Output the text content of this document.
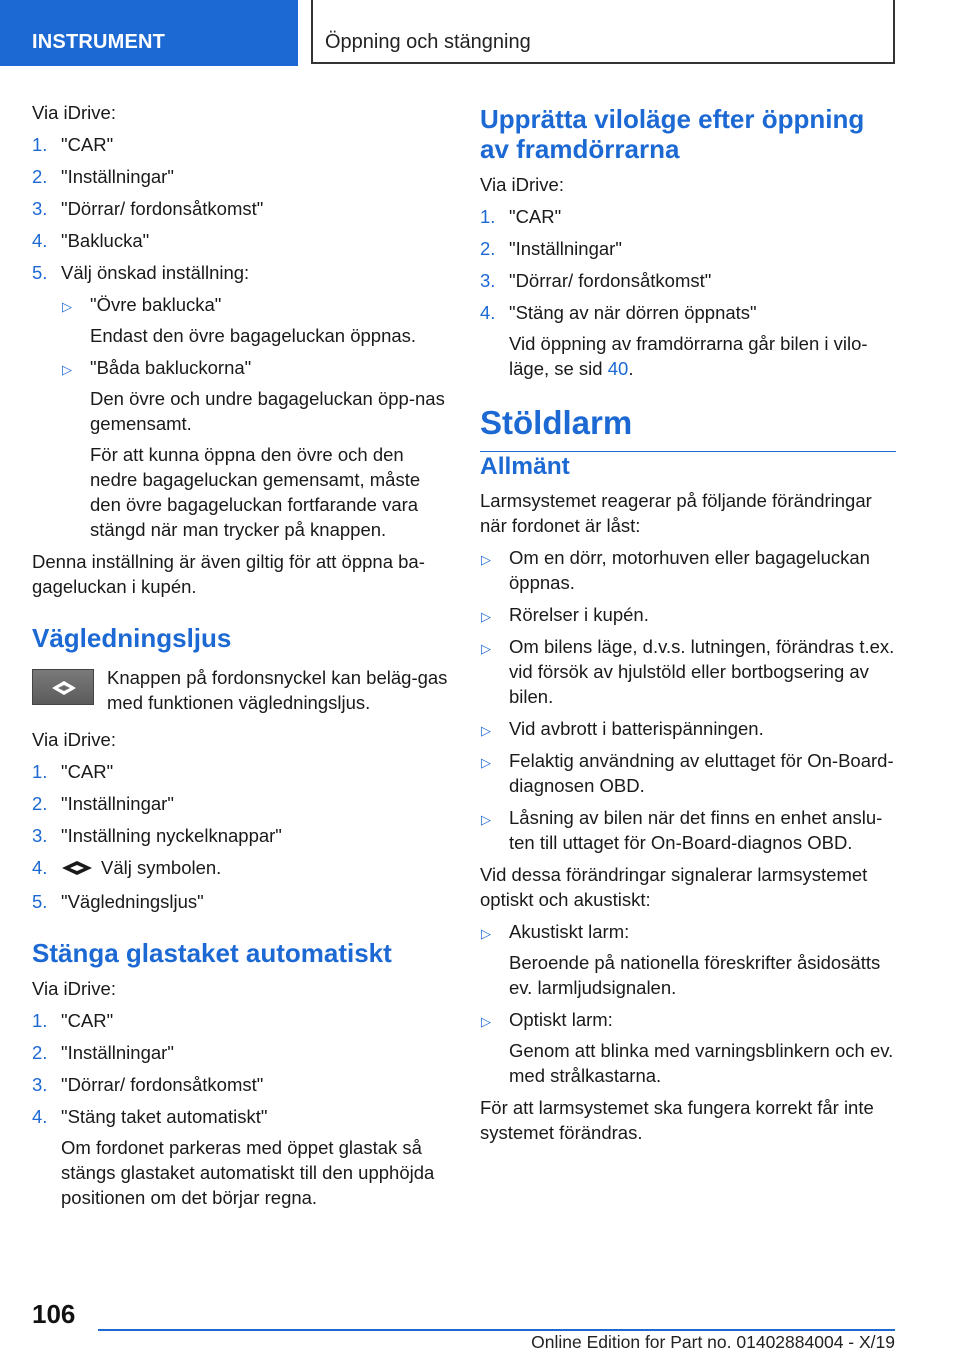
INSTRUMENT	Öppning och stängning

Via iDrive:

1. "CAR"
2. "Inställningar"
3. "Dörrar/ fordonsåtkomst"
4. "Baklucka"
5. Välj önskad inställning:
▷ "Övre baklucka"

Endast den övre bagageluckan öppnas.

▷ "Båda bakluckorna"

Den övre och undre bagageluckan öpp-nas gemensamt.

För att kunna öppna den övre och den nedre bagageluckan gemensamt, måste den övre bagageluckan fortfarande vara stängd när man trycker på knappen.

Denna inställning är även giltig för att öppna ba-gageluckan i kupén.

Vägledningsljus
Knappen på fordonsnyckel kan beläg-gas med funktionen vägledningsljus.

Via iDrive:

1. "CAR"
2. "Inställningar"
3. "Inställning nyckelknappar"
4.	Välj symbolen.
5. "Vägledningsljus"
Stänga glastaket automatiskt

Via iDrive:

1. "CAR"
2. "Inställningar"
3. "Dörrar/ fordonsåtkomst"
4. "Stäng taket automatiskt"

Om fordonet parkeras med öppet glastak så stängs glastaket automatiskt till den upphöjda positionen om det börjar regna.

Upprätta viloläge efter öppning av framdörrarna

Via iDrive:

1. "CAR"
2. "Inställningar"
3. "Dörrar/ fordonsåtkomst"
4. "Stäng av när dörren öppnats"

Vid öppning av framdörrarna går bilen i vilo-läge, se sid 40.

Stöldlarm
Allmänt

Larmsystemet reagerar på följande förändringar när fordonet är låst:

▷ Om en dörr, motorhuven eller bagageluckan öppnas.
▷ Rörelser i kupén.
▷ Om bilens läge, d.v.s. lutningen, förändras t.ex. vid försök av hjulstöld eller bortbogsering av bilen.
▷ Vid avbrott i batterispänningen.
▷ Felaktig användning av eluttaget för On-Board-diagnosen OBD.
▷ Låsning av bilen när det finns en enhet anslu-ten till uttaget för On-Board-diagnos OBD.

Vid dessa förändringar signalerar larmsystemet optiskt och akustiskt:

▷ Akustiskt larm:

Beroende på nationella föreskrifter åsidosätts ev. larmljudsignalen.

▷ Optiskt larm:

Genom att blinka med varningsblinkern och ev. med strålkastarna.

För att larmsystemet ska fungera korrekt får inte systemet förändras.

106
Online Edition for Part no. 01402884004 - X/19
